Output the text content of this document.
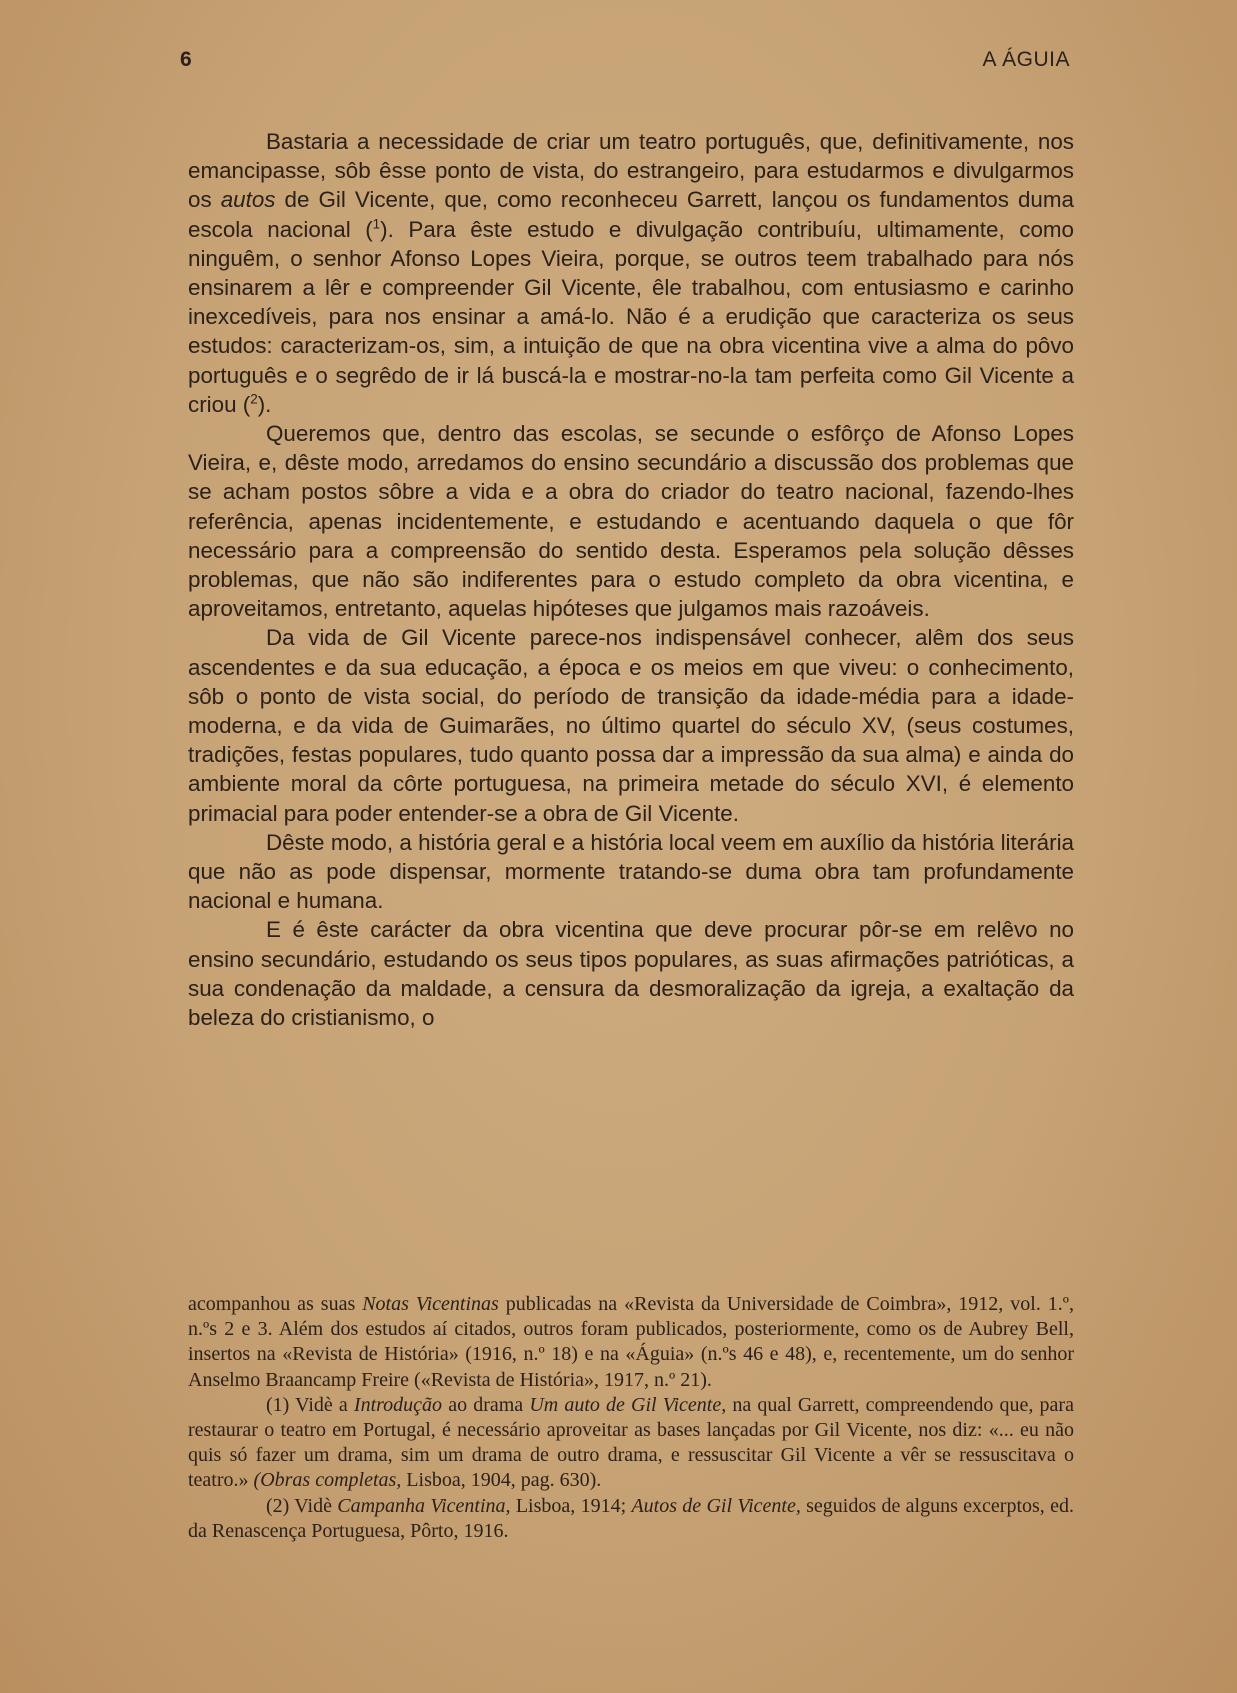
6	A ÁGUIA

Bastaria a necessidade de criar um teatro português, que, definitivamente, nos emancipasse, sôb êsse ponto de vista, do estrangeiro, para estudarmos e divulgarmos os autos de Gil Vicente, que, como reconheceu Garrett, lançou os fundamentos duma escola nacional ($^1$). Para êste estudo e divulgação contribuíu, ultimamente, como ninguêm, o senhor Afonso Lopes Vieira, porque, se outros teem trabalhado para nós ensinarem a lêr e compreender Gil Vicente, êle trabalhou, com entusiasmo e carinho inexcedíveis, para nos ensinar a amá-lo. Não é a erudição que caracteriza os seus estudos: caracterizam-os, sim, a intuição de que na obra vicentina vive a alma do pôvo português e o segrêdo de ir lá buscá-la e mostrar-no-la tam perfeita como Gil Vicente a criou ($^2$).

Queremos que, dentro das escolas, se secunde o esfôrço de Afonso Lopes Vieira, e, dêste modo, arredamos do ensino secundário a discussão dos problemas que se acham postos sôbre a vida e a obra do criador do teatro nacional, fazendo-lhes referência, apenas incidentemente, e estudando e acentuando daquela o que fôr necessário para a compreensão do sentido desta. Esperamos pela solução dêsses problemas, que não são indiferentes para o estudo completo da obra vicentina, e aproveitamos, entretanto, aquelas hipóteses que julgamos mais razoáveis.

Da vida de Gil Vicente parece-nos indispensável conhecer, alêm dos seus ascendentes e da sua educação, a época e os meios em que viveu: o conhecimento, sôb o ponto de vista social, do período de transição da idade-média para a idade-moderna, e da vida de Guimarães, no último quartel do século XV, (seus costumes, tradições, festas populares, tudo quanto possa dar a impressão da sua alma) e ainda do ambiente moral da côrte portuguesa, na primeira metade do século XVI, é elemento primacial para poder entender-se a obra de Gil Vicente.

Dêste modo, a história geral e a história local veem em auxílio da história literária que não as pode dispensar, mormente tratando-se duma obra tam profundamente nacional e humana.

E é êste carácter da obra vicentina que deve procurar pôr-se em relêvo no ensino secundário, estudando os seus tipos populares, as suas afirmações patrióticas, a sua condenação da maldade, a censura da desmoralização da igreja, a exaltação da beleza do cristianismo, o

acompanhou as suas Notas Vicentinas publicadas na «Revista da Universidade de Coimbra», 1912, vol. 1.º, n.ºs 2 e 3. Além dos estudos aí citados, outros foram publicados, posteriormente, como os de Aubrey Bell, insertos na «Revista de História» (1916, n.º 18) e na «Águia» (n.ºs 46 e 48), e, recentemente, um do senhor Anselmo Braancamp Freire («Revista de História», 1917, n.º 21).

(1) Vidè a Introdução ao drama Um auto de Gil Vicente, na qual Garrett, compreendendo que, para restaurar o teatro em Portugal, é necessário aproveitar as bases lançadas por Gil Vicente, nos diz: «... eu não quis só fazer um drama, sim um drama de outro drama, e ressuscitar Gil Vicente a vêr se ressuscitava o teatro.» (Obras completas, Lisboa, 1904, pag. 630).

(2) Vidè Campanha Vicentina, Lisboa, 1914; Autos de Gil Vicente, seguidos de alguns excerptos, ed. da Renascença Portuguesa, Pôrto, 1916.
